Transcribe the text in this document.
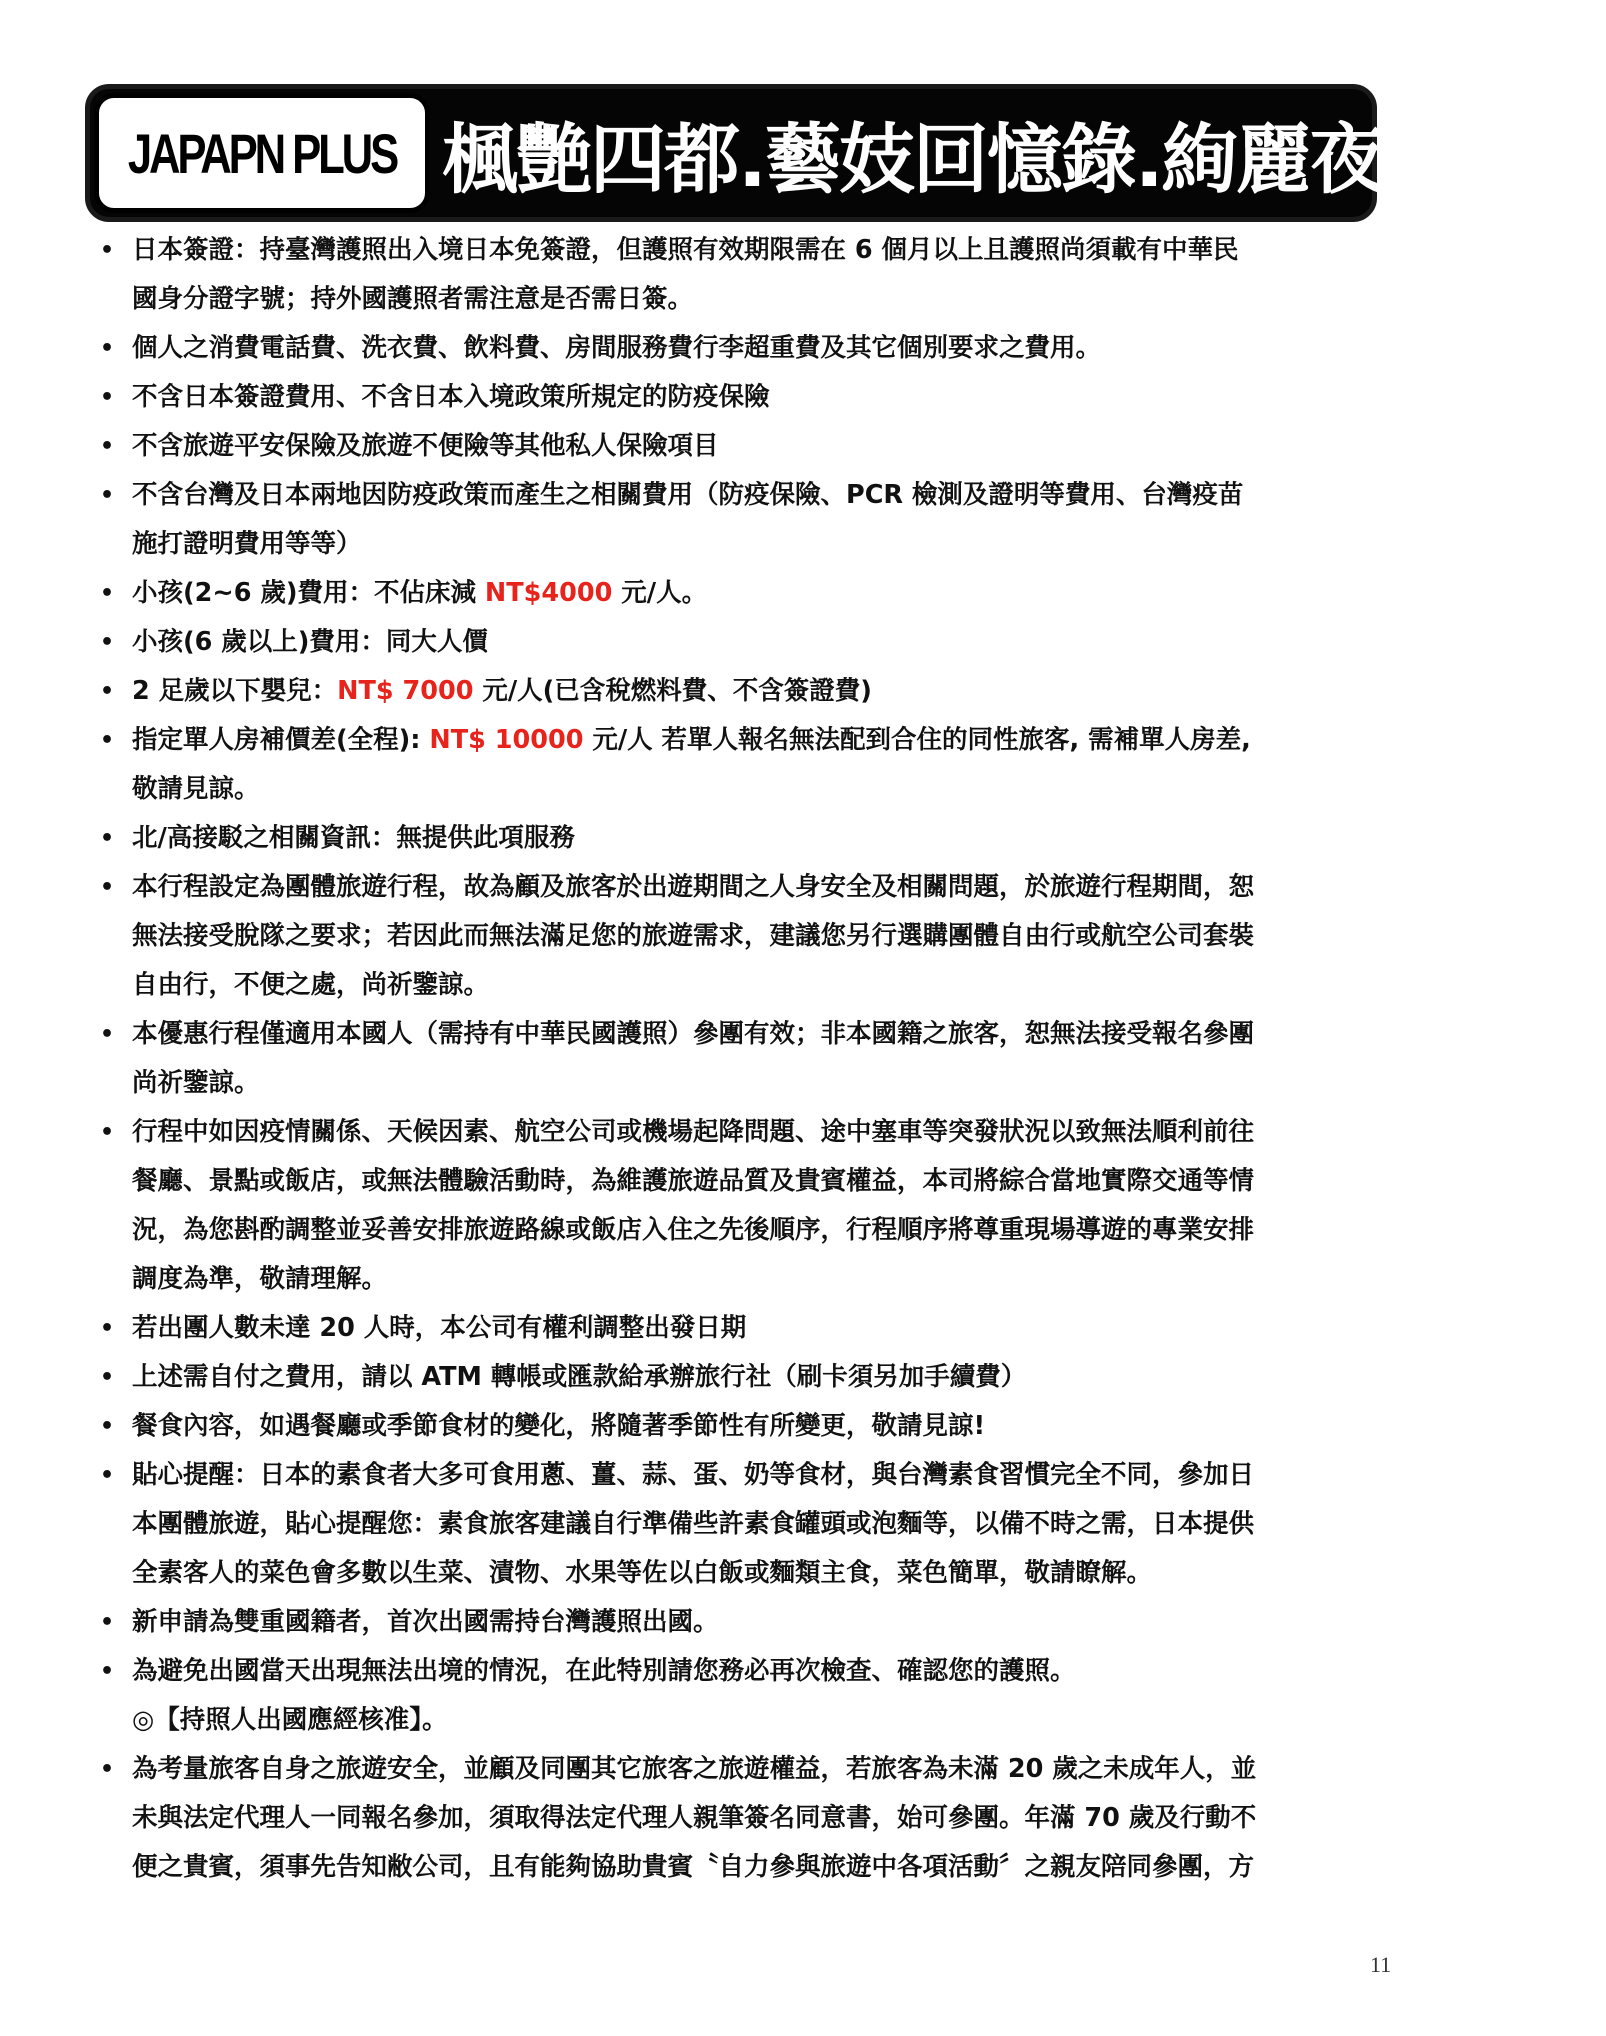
JAPAPN PLUS 楓艷四都.藝妓回憶錄.絢麗夜景五日
• 日本簽證：持臺灣護照出入境日本免簽證，但護照有效期限需在 6 個月以上且護照尚須載有中華民
國身分證字號；持外國護照者需注意是否需日簽。
• 個人之消費電話費、洗衣費、飲料費、房間服務費行李超重費及其它個別要求之費用。
• 不含日本簽證費用、不含日本入境政策所規定的防疫保險
• 不含旅遊平安保險及旅遊不便險等其他私人保險項目
• 不含台灣及日本兩地因防疫政策而產生之相關費用（防疫保險、PCR 檢測及證明等費用、台灣疫苗
施打證明費用等等）
• 小孩(2~6 歲)費用：不佔床減 NT$4000 元/人。
• 小孩(6 歲以上)費用：同大人價
• 2 足歲以下嬰兒：NT$ 7000 元/人(已含稅燃料費、不含簽證費)
• 指定單人房補價差(全程): NT$ 10000 元/人 若單人報名無法配到合住的同性旅客, 需補單人房差,
敬請見諒。
• 北/高接駁之相關資訊：無提供此項服務
• 本行程設定為團體旅遊行程，故為顧及旅客於出遊期間之人身安全及相關問題，於旅遊行程期間，恕
無法接受脫隊之要求；若因此而無法滿足您的旅遊需求，建議您另行選購團體自由行或航空公司套裝
自由行，不便之處，尚祈鑒諒。
• 本優惠行程僅適用本國人（需持有中華民國護照）參團有效；非本國籍之旅客，恕無法接受報名參團
尚祈鑒諒。
• 行程中如因疫情關係、天候因素、航空公司或機場起降問題、途中塞車等突發狀況以致無法順利前往
餐廳、景點或飯店，或無法體驗活動時，為維護旅遊品質及貴賓權益，本司將綜合當地實際交通等情
況，為您斟酌調整並妥善安排旅遊路線或飯店入住之先後順序，行程順序將尊重現場導遊的專業安排
調度為準，敬請理解。
• 若出團人數未達 20 人時，本公司有權利調整出發日期
• 上述需自付之費用，請以 ATM 轉帳或匯款給承辦旅行社（刷卡須另加手續費）
• 餐食內容，如遇餐廳或季節食材的變化，將隨著季節性有所變更，敬請見諒!
• 貼心提醒：日本的素食者大多可食用蔥、薑、蒜、蛋、奶等食材，與台灣素食習慣完全不同，參加日
本團體旅遊，貼心提醒您：素食旅客建議自行準備些許素食罐頭或泡麵等，以備不時之需，日本提供
全素客人的菜色會多數以生菜、漬物、水果等佐以白飯或麵類主食，菜色簡單，敬請瞭解。
• 新申請為雙重國籍者，首次出國需持台灣護照出國。
• 為避免出國當天出現無法出境的情況，在此特別請您務必再次檢查、確認您的護照。
◎【持照人出國應經核准】。
• 為考量旅客自身之旅遊安全，並顧及同團其它旅客之旅遊權益，若旅客為未滿 20 歲之未成年人，並
未與法定代理人一同報名參加，須取得法定代理人親筆簽名同意書，始可參團。年滿 70 歲及行動不
便之貴賓，須事先告知敝公司，且有能夠協助貴賓〝自力參與旅遊中各項活動〞之親友陪同參團，方
11
